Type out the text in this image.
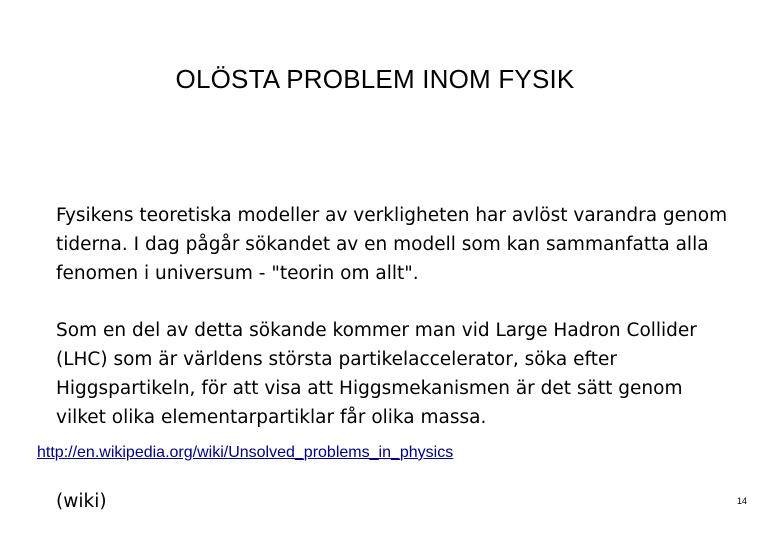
OLÖSTA PROBLEM INOM FYSIK

Fysikens teoretiska modeller av verkligheten har avlöst varandra genom tiderna. I dag pågår sökandet av en modell som kan sammanfatta alla fenomen i universum - "teorin om allt".

Som en del av detta sökande kommer man vid Large Hadron Collider (LHC) som är världens största partikelaccelerator, söka efter Higgspartikeln, för att visa att Higgsmekanismen är det sätt genom vilket olika elementarpartiklar får olika massa.

http://en.wikipedia.org/wiki/Unsolved_problems_in_physics
(wiki)	14
